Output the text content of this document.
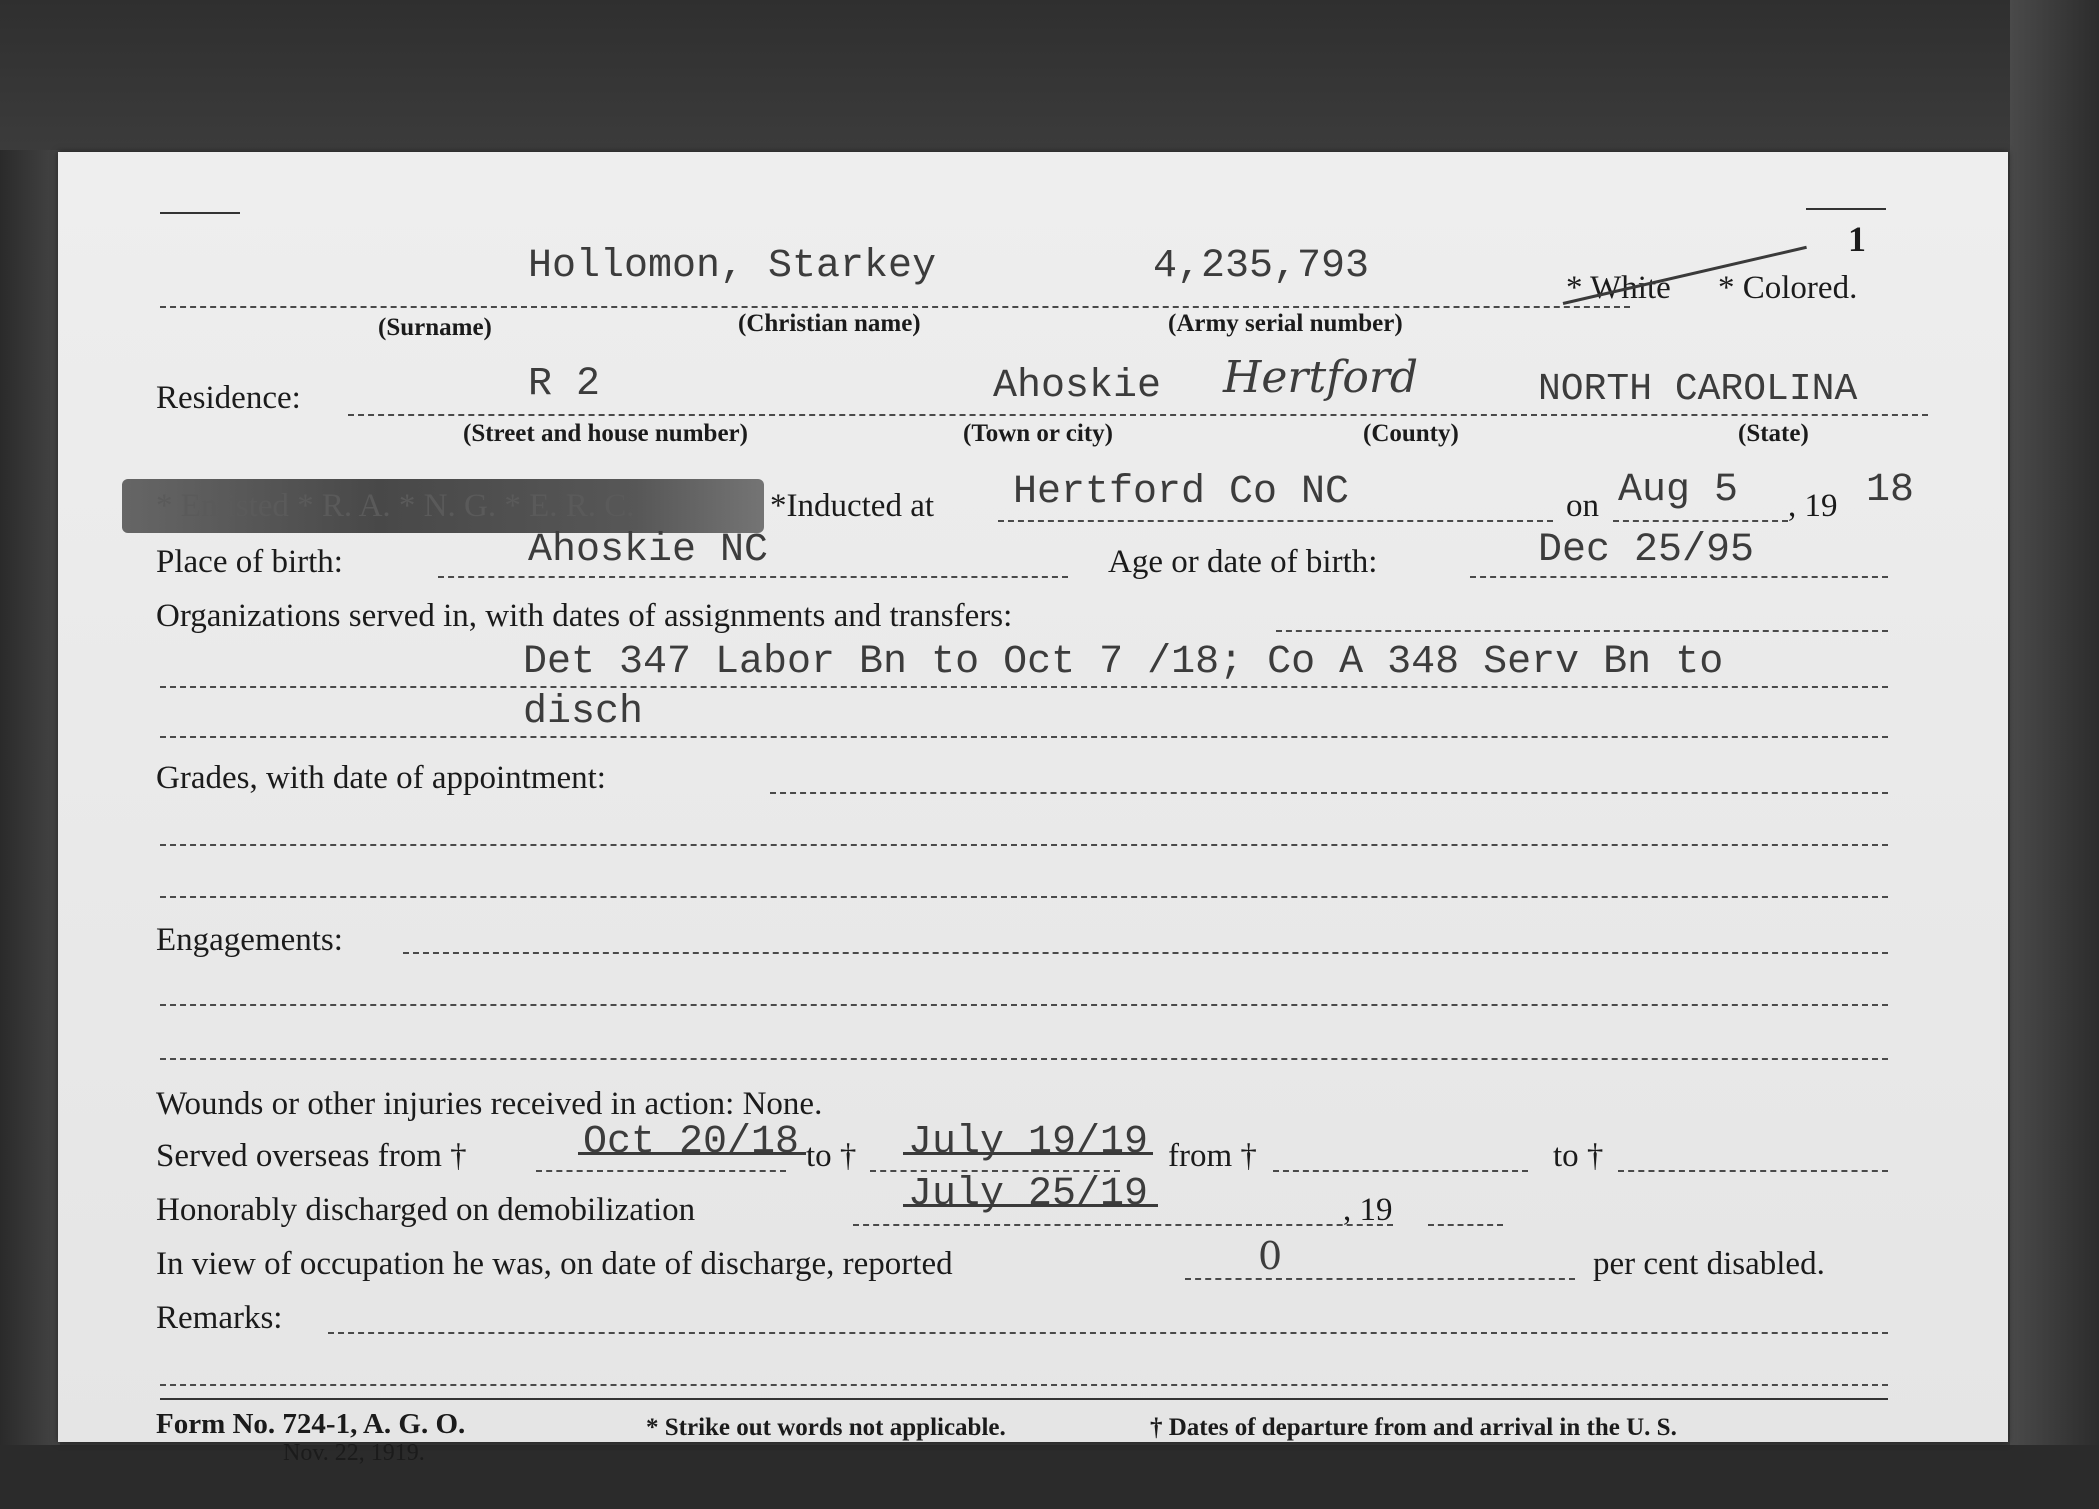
1
Hollomon, Starkey	4,235,793	* White * Colored.
(Surname)	(Christian name)	(Army serial number)
Residence:	R 2	Ahoskie Hertford	NORTH CAROLINA
(Street and house number)	(Town or city)	(County)	(State)
* Enlisted * R. A. * N. G. * E. R. C.	*Inducted at Hertford Co NC	on Aug 5 , 19 18
Place of birth:	Ahoskie NC	Age or date of birth:	Dec 25/95
Organizations served in, with dates of assignments and transfers:
Det 347 Labor Bn to Oct 7 /18; Co A 348 Serv Bn to
disch
Grades, with date of appointment:
Engagements:
Wounds or other injuries received in action: None.
Served overseas from †	Oct 20/18 to † July 19/19 from †	to †
Honorably discharged on demobilization	July 25/19	, 19
In view of occupation he was, on date of discharge, reported	0	per cent disabled.
Remarks:
Form No. 724-1, A. G. O.
Nov. 22, 1919.
* Strike out words not applicable.	† Dates of departure from and arrival in the U. S.
